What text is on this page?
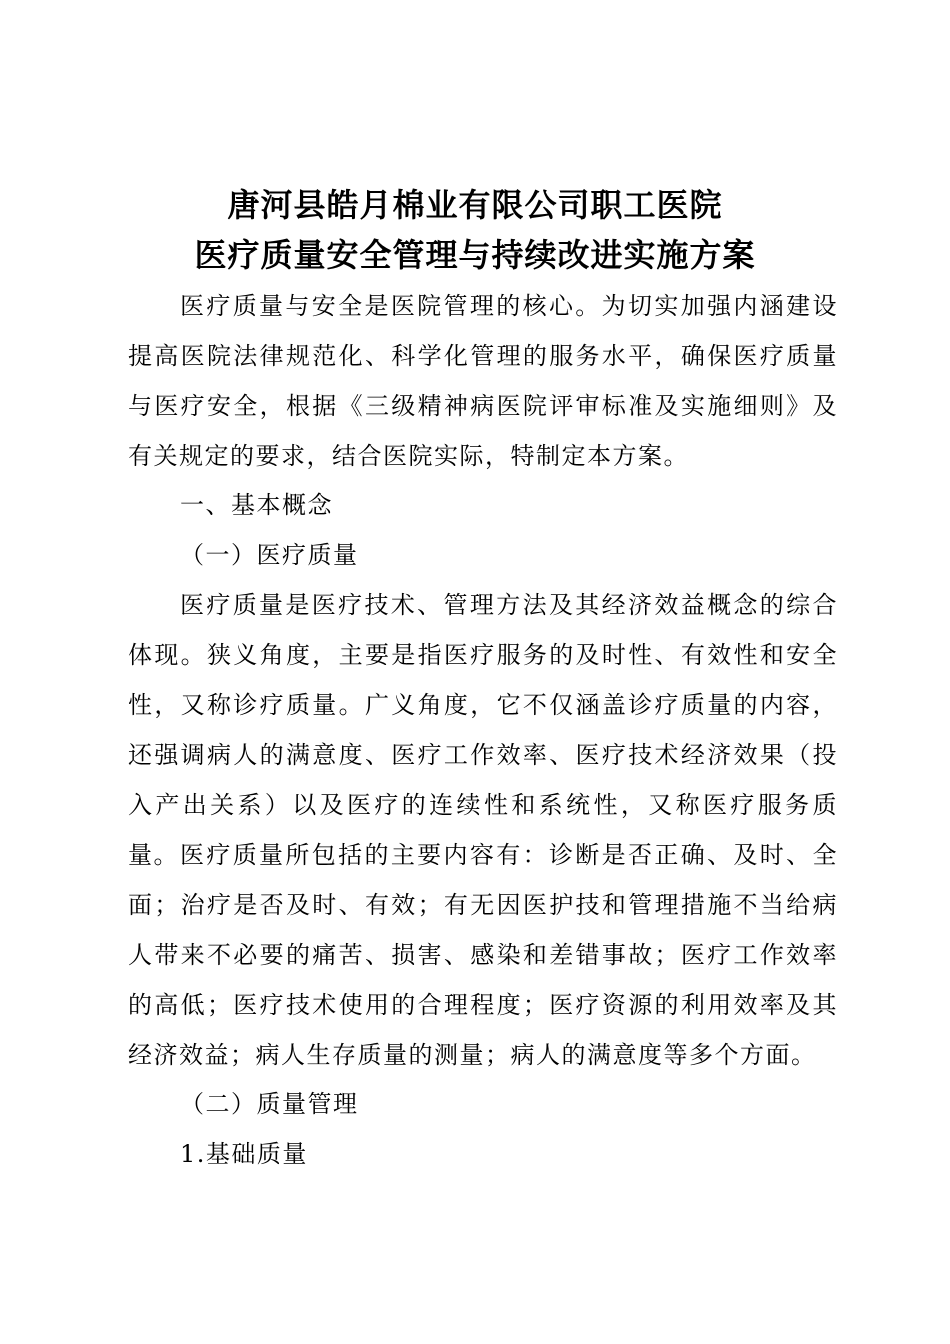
唐河县皓月棉业有限公司职工医院
医疗质量安全管理与持续改进实施方案

医疗质量与安全是医院管理的核心。为切实加强内涵建设提高医院法律规范化、科学化管理的服务水平，确保医疗质量与医疗安全，根据《三级精神病医院评审标准及实施细则》及有关规定的要求，结合医院实际，特制定本方案。

一、基本概念

（一）医疗质量

医疗质量是医疗技术、管理方法及其经济效益概念的综合体现。狭义角度，主要是指医疗服务的及时性、有效性和安全性，又称诊疗质量。广义角度，它不仅涵盖诊疗质量的内容，还强调病人的满意度、医疗工作效率、医疗技术经济效果（投入产出关系）以及医疗的连续性和系统性，又称医疗服务质量。 医疗质量所包括的主要内容有：诊断是否正确、及时、全面；治疗是否及时、有效；有无因医护技和管理措施不当给病人带来不必要的痛苦、损害、感染和差错事故；医疗工作效率的高低；医疗技术使用的合理程度；医疗资源的利用效率及其经济效益；病人生存质量的测量；病人的满意度等多个方面。

（二）质量管理

1.基础质量
